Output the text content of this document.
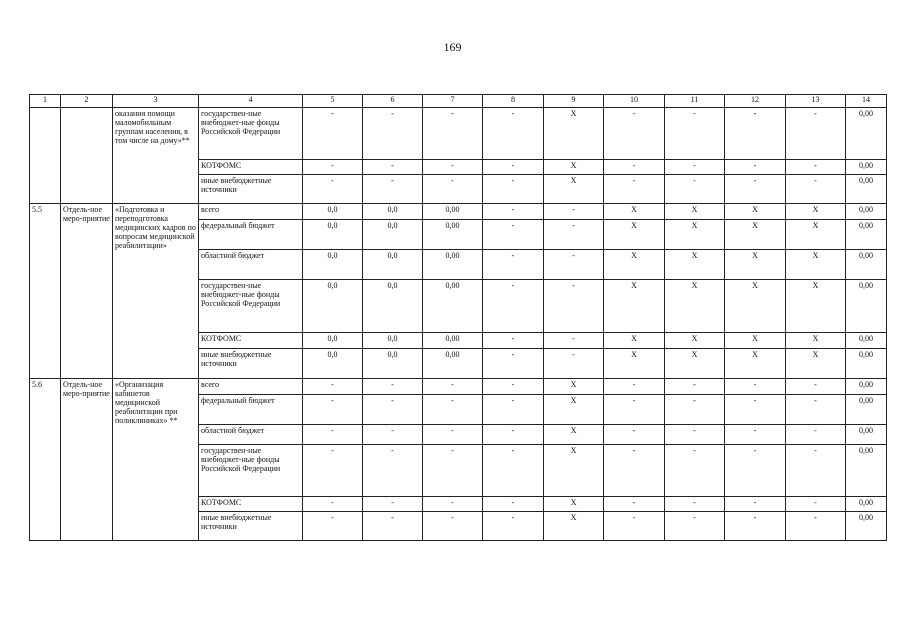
169
1	2	3	4	5	6	7	8	9	10	11	12	13	14
		оказания помощи маломобильным группам населения, в том числе на дому»**	государствен-ные внебюджет-ные фонды Российской Федерации	-	-	-	-	X	-	-	-	-	0,00
			КОТФОМС	-	-	-	-	X	-	-	-	-	0,00
			иные внебюджетные источники	-	-	-	-	X	-	-	-	-	0,00
5.5	Отдель-ное меро-приятие	«Подготовка и переподготовка медицинских кадров по вопросам медицинской реабилитации»	всего	0,0	0,0	0,00	-	-	X	X	X	X	0,00
			федеральный бюджет	0,0	0,0	0,00	-	-	X	X	X	X	0,00
			областной бюджет	0,0	0,0	0,00	-	-	X	X	X	X	0,00
			государствен-ные внебюджет-ные фонды Российской Федерации	0,0	0,0	0,00	-	-	X	X	X	X	0,00
			КОТФОМС	0,0	0,0	0,00	-	-	X	X	X	X	0,00
			иные внебюджетные источники	0,0	0,0	0,00	-	-	X	X	X	X	0,00
5.6	Отдель-ное меро-приятие	«Организация кабинетов медицинской реабилитации при поликлиниках» **	всего	-	-	-	-	X	-	-	-	-	0,00
			федеральный бюджет	-	-	-	-	X	-	-	-	-	0,00
			областной бюджет	-	-	-	-	X	-	-	-	-	0,00
			государствен-ные внебюджет-ные фонды Российской Федерации	-	-	-	-	X	-	-	-	-	0,00
			КОТФОМС	-	-	-	-	X	-	-	-	-	0,00
			иные внебюджетные источники	-	-	-	-	X	-	-	-	-	0,00
